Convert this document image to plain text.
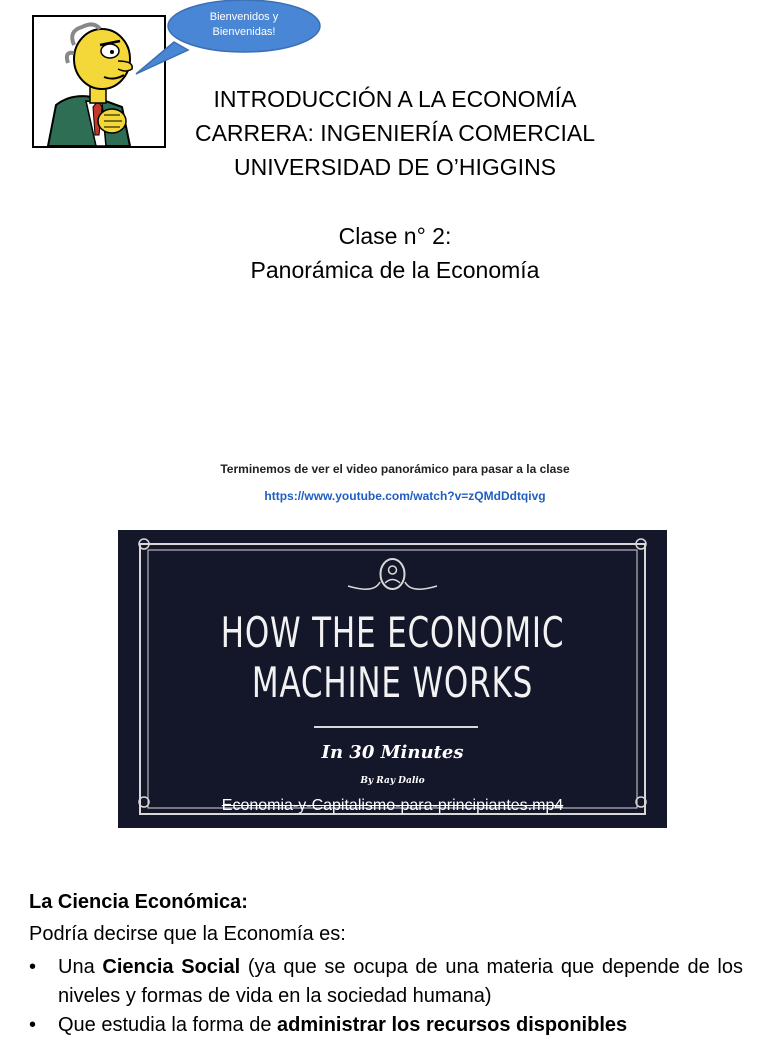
Bienvenidos y
Bienvenidas!
INTRODUCCIÓN A LA ECONOMÍA
CARRERA: INGENIERÍA COMERCIAL
UNIVERSIDAD DE O’HIGGINS
Clase n° 2:
Panorámica de la Economía
Terminemos de ver el video panorámico para pasar a la clase
https://www.youtube.com/watch?v=zQMdDdtqivg
HOW THE ECONOMIC
MACHINE WORKS
In 30 Minutes
By Ray Dalio
Economia-y-Capitalismo-para-principiantes.mp4
La Ciencia Económica:
Podría decirse que la Economía es:
• Una Ciencia Social (ya que se ocupa de una materia que depende de los niveles y formas de vida en la sociedad humana)
• Que estudia la forma de administrar los recursos disponibles
